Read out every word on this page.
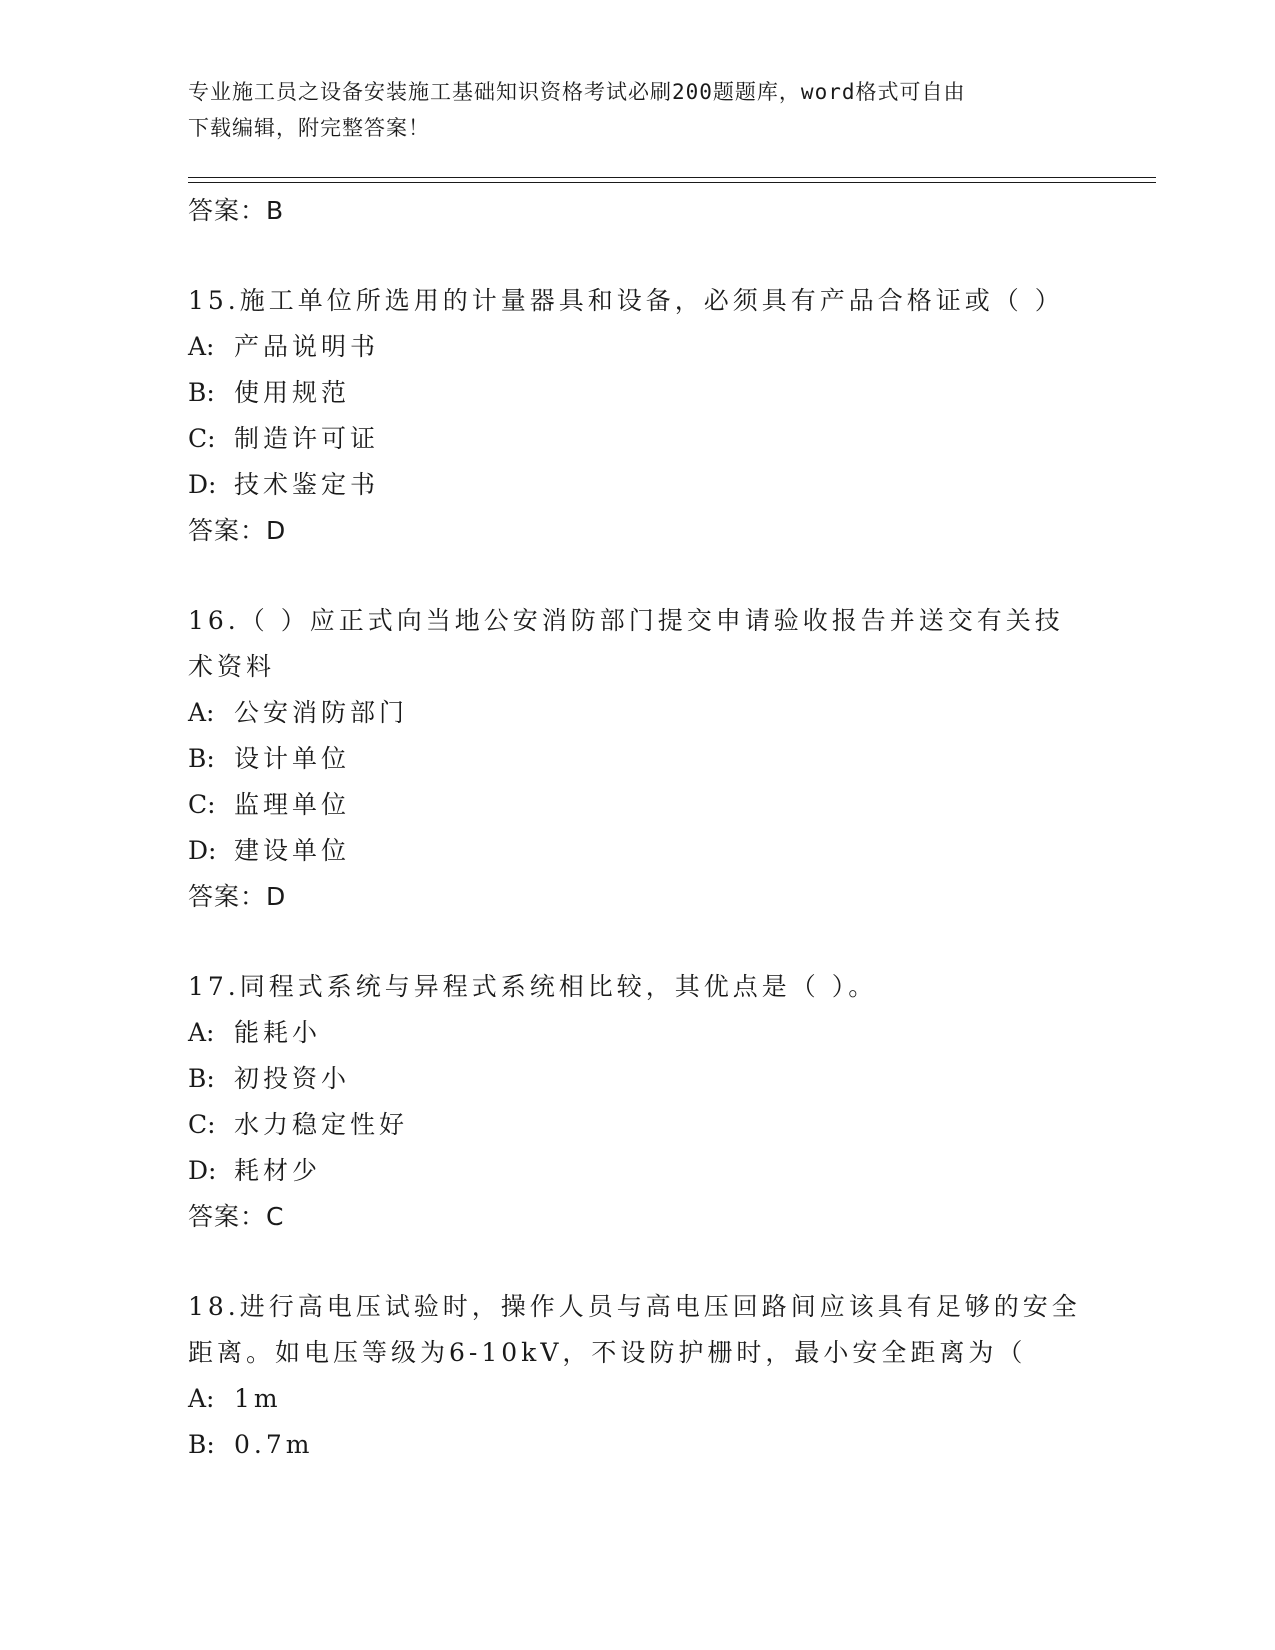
专业施工员之设备安装施工基础知识资格考试必刷200题题库，word格式可自由
下载编辑，附完整答案！
答案：B
15.施工单位所选用的计量器具和设备，必须具有产品合格证或（ ）
A: 产品说明书
B: 使用规范
C: 制造许可证
D: 技术鉴定书
答案：D
16.（ ）应正式向当地公安消防部门提交申请验收报告并送交有关技术资料
A: 公安消防部门
B: 设计单位
C: 监理单位
D: 建设单位
答案：D
17.同程式系统与异程式系统相比较，其优点是（ ）。
A: 能耗小
B: 初投资小
C: 水力稳定性好
D: 耗材少
答案：C
18.进行高电压试验时，操作人员与高电压回路间应该具有足够的安全距离。如电压等级为6-10kV，不设防护栅时，最小安全距离为（
A: 1m
B: 0.7m
